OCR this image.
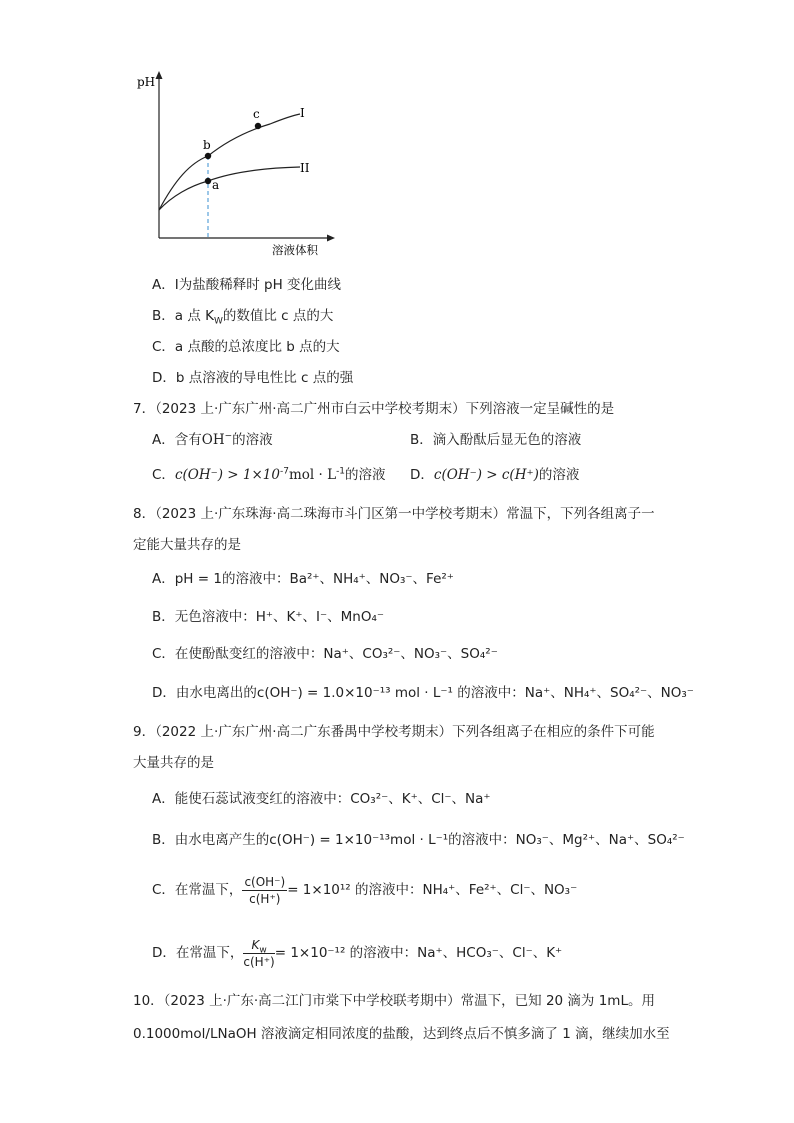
pH
溶液体积
b
a
c	I
II
A．Ⅰ为盐酸稀释时 pH 变化曲线
B．a 点 $K_W$的数值比 c 点的大
C．a 点酸的总浓度比 b 点的大
D．b 点溶液的导电性比 c 点的强
7．（2023 上·广东广州·高二广州市白云中学校考期末）下列溶液一定呈碱性的是
A．含有OH−的溶液	B．滴入酚酞后显无色的溶液
C．$c(OH^-) > 1\times 10^{-7}mol \cdot L^{-1}$的溶液 D．c(OH⁻) > c(H⁺)的溶液
8．（2023 上·广东珠海·高二珠海市斗门区第一中学校考期末）常温下，下列各组离子一
定能大量共存的是
A．pH = 1的溶液中：Ba²⁺、NH₄⁺、NO₃⁻、Fe²⁺
B．无色溶液中：H⁺、K⁺、I⁻、MnO₄⁻
C．在使酚酞变红的溶液中：Na⁺、CO₃²⁻、NO₃⁻、SO₄²⁻
D．由水电离出的c(OH⁻) = 1.0×10⁻¹³ mol · L⁻¹ 的溶液中：Na⁺、NH₄⁺、SO₄²⁻、NO₃⁻
9．（2022 上·广东广州·高二广东番禺中学校考期末）下列各组离子在相应的条件下可能
大量共存的是
A．能使石蕊试液变红的溶液中：CO₃²⁻、K⁺、Cl⁻、Na⁺
B．由水电离产生的c(OH⁻) = 1×10⁻¹³mol · L⁻¹的溶液中：NO₃⁻、Mg²⁺、Na⁺、SO₄²⁻
C．在常温下， $\frac{c(OH^-)}{c(H^+)} = 1\times 10^{12}$ 的溶液中：NH₄⁺、Fe²⁺、Cl⁻、NO₃⁻
D．在常温下， $\frac{K_w}{c(H^+)} = 1\times 10^{-12}$ 的溶液中：Na⁺、HCO₃⁻、Cl⁻、K⁺
10．（2023 上·广东·高二江门市棠下中学校联考期中）常温下，已知 20 滴为 1mL。用
0.1000mol/LNaOH 溶液滴定相同浓度的盐酸，达到终点后不慎多滴了 1 滴，继续加水至
